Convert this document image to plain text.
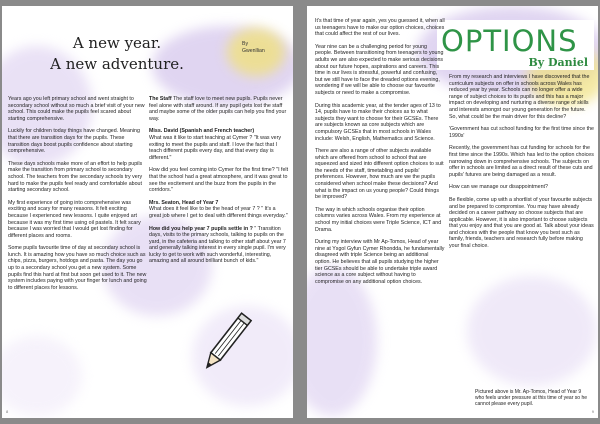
A new year.
A new adventure.
By
Gwenllian

Years ago you left primary school and went straight to secondary school without so much a brief visit of your new school. This could make the pupils feel scared about starting comprehensive.

Luckily for children today things have changed. Meaning that there are transition days for the pupils. These transition days boost pupils confidence about starting comprehensive.

These days schools make more of an effort to help pupils make the transition from primary school to secondary school. The teachers from the secondary schools try very hard to make the pupils feel ready and comfortable about starting secondary school.

My first experience of going into comprehensive was exciting and scary for many reasons. It felt exciting because I experienced new lessons. I quite enjoyed art because it was my first time using oil pastels. It felt scary because I was worried that I would get lost finding for different places and rooms.

Some pupils favourite time of day at secondary school is lunch. It is amazing how you have so much choice such as chips, pizza, burgers, hotdogs and pasta. The day you go up to a secondary school you get a new system. Some pupils find this hard at first but soon get used to it. The new system includes paying with your finger for lunch and going to different places for lessons.

The Staff The staff love to meet new pupils. Pupils never feel alone with staff around. If any pupil gets lost the staff and maybe some of the older pupils can help you find your way.

Miss. David (Spanish and French teacher)
What was it like to start teaching at Cymer ? "It was very exiting to meet the pupils and staff. I love the fact that I teach different pupils every day, and that every day is different."

How did you feel coming into Cymer for the first time? "I felt that the school had a great atmosphere, and it was great to see the excitement and the buzz from the pupils in the corridors."

Mrs. Seaton, Head of Year 7
What does it feel like to be the head of year 7 ? " It's a great job where I get to deal with different things everyday."

How did you help year 7 pupils settle in ? " Transition days, visits to the primary schools, talking to pupils on the yard, in the cafeteria and talking to other staff about year 7 and generally talking interest in every single pupil. I'm very lucky to get to work with such wonderful, interesting, amazing and all around brilliant bunch of kids."

8
OPTIONS
By Daniel

It's that time of year again, yes you guessed it, when all us teenagers have to make our option choices, choices that could affect the rest of our lives.

Year nine can be a challenging period for young people. Between transitioning from teenagers to young adults we are also expected to make serious decisions about our future hopes, aspirations and careers. This time in our lives is stressful, powerful and confusing, but we still have to face the dreaded options evening, wondering if we will be able to choose our favourite subjects or need to make a compromise.

During this academic year, at the tender ages of 13 to 14, pupils have to make their choices as to what subjects they want to choose for their GCSEs. There are subjects known as core subjects which are compulsory GCSEs that in most schools in Wales include: Welsh, English, Mathematics and Science.

There are also a range of other subjects available which are offered from school to school that are squeezed and sized into different option choices to suit the needs of the staff, timetabling and pupils' preferences. However, how much are we the pupils considered when school make these decisions? And what is the impact on us young people? Could things be improved?

The way in which schools organise their option columns varies across Wales. From my experience at school my initial choices were Triple Science, ICT and Drama.

During my interview with Mr Ap-Tomos, Head of year nine at Ysgol Gyfun Cymer Rhondda, he fundamentally disagreed with triple Science being an additional option. He believes that all pupils studying the higher tier GCSEs should be able to undertake triple award science as a core subject without having to compromise on any additional option choices.

From my research and interviews I have discovered that the curriculum subjects on offer in schools across Wales has reduced year by year. Schools can no longer offer a wide range of subject choices to its pupils and this has a major impact on developing and nurturing a diverse range of skills and interests amongst our young generation for the future. So, what could be the main driver for this decline?

'Government has cut school funding for the first time since the 1990s'

Recently, the government has cut funding for schools for the first time since the 1990s. Which has led to the option choices narrowing down in comprehensive schools. The subjects on offer in schools are limited as a direct result of these cuts and pupils' futures are being damaged as a result.

How can we manage our disappointment?

Be flexible, come up with a shortlist of your favourite subjects and be prepared to compromise. You may have already decided on a career pathway so choose subjects that are applicable. However, it is also important to choose subjects that you enjoy and that you are good at. Talk about your ideas and choices with the people that know you best such as family, friends, teachers and research fully before making your final choice.

Pictured above is Mr. Ap-Tomos, Head of Year 9 who feels under pressure at this time of year so he cannot please every pupil.
9
